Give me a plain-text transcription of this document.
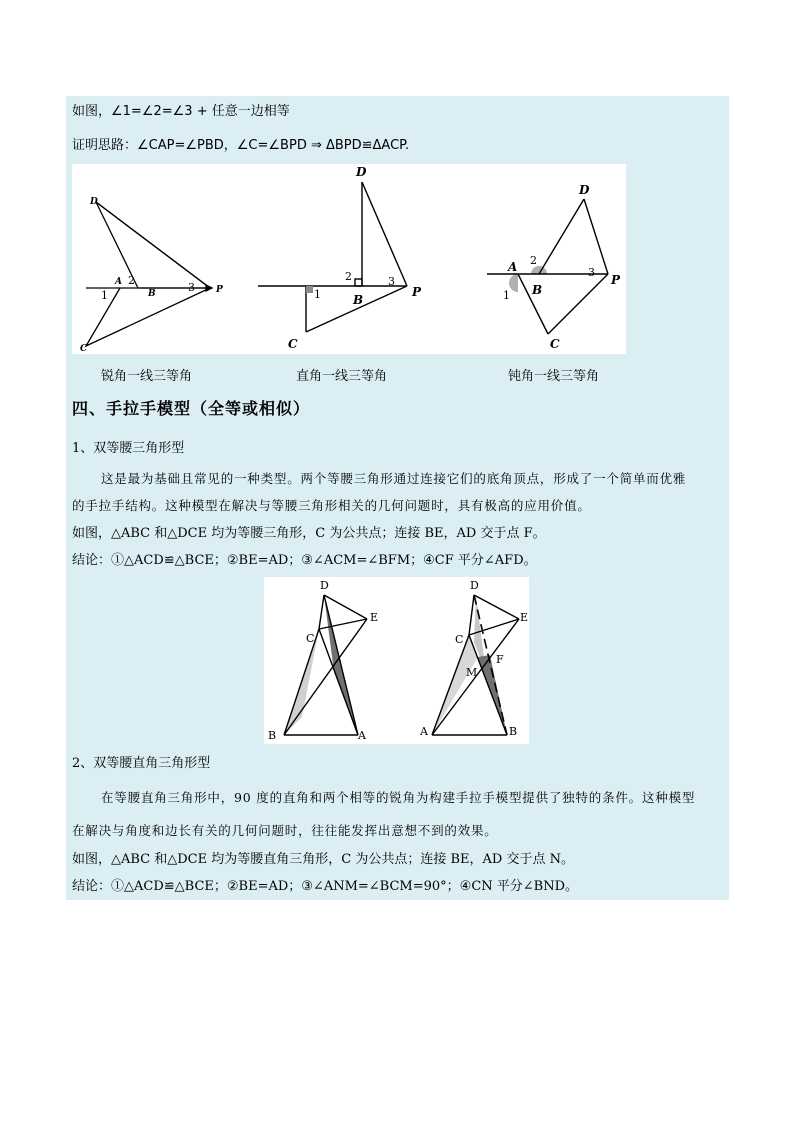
如图，∠1=∠2=∠3 + 任意一边相等
证明思路：∠CAP=∠PBD，∠C=∠BPD ⇒ ΔBPD≌ΔACP.
D
A
B
C
P
1
2
3
D
B
C
P
1
2	3
D
A
B
C
P
1
2
3
锐角一线三等角	直角一线三等角	钝角一线三等角
四、手拉手模型（全等或相似）
1、双等腰三角形型
这是最为基础且常见的一种类型。两个等腰三角形通过连接它们的底角顶点，形成了一个简单而优雅
的手拉手结构。这种模型在解决与等腰三角形相关的几何问题时，具有极高的应用价值。
如图，△ABC 和△DCE 均为等腰三角形，C 为公共点；连接 BE，AD 交于点 F。
结论：①△ACD≌△BCE；②BE=AD；③∠ACM=∠BFM；④CF 平分∠AFD。
D
E
C
B	A
D
E
C
M
F
A	B
2、双等腰直角三角形型
在等腰直角三角形中，90 度的直角和两个相等的锐角为构建手拉手模型提供了独特的条件。这种模型
在解决与角度和边长有关的几何问题时，往往能发挥出意想不到的效果。
如图，△ABC 和△DCE 均为等腰直角三角形，C 为公共点；连接 BE，AD 交于点 N。
结论：①△ACD≌△BCE；②BE=AD；③∠ANM=∠BCM=90°；④CN 平分∠BND。
